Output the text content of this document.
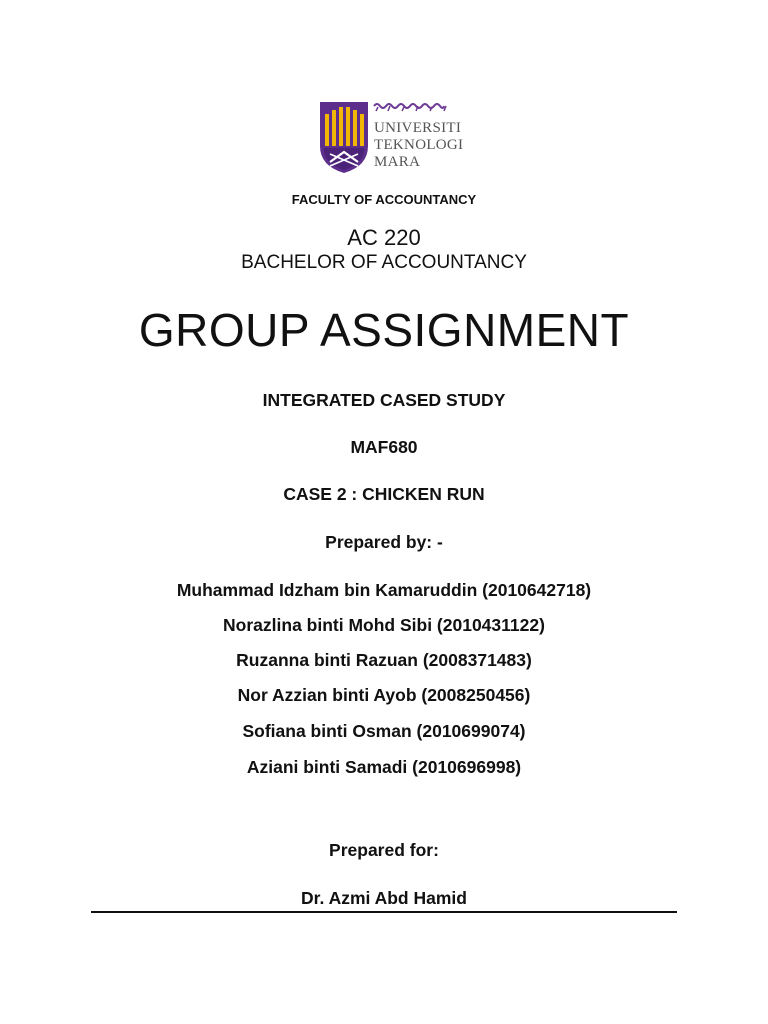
UNIVERSITI
TEKNOLOGI
MARA
FACULTY OF ACCOUNTANCY
AC 220
BACHELOR OF ACCOUNTANCY
GROUP ASSIGNMENT
INTEGRATED CASED STUDY
MAF680
CASE 2 : CHICKEN RUN
Prepared by: -
Muhammad Idzham bin Kamaruddin (2010642718)
Norazlina binti Mohd Sibi (2010431122)
Ruzanna binti Razuan (2008371483)
Nor Azzian binti Ayob (2008250456)
Sofiana binti Osman (2010699074)
Aziani binti Samadi (2010696998)
Prepared for:
Dr. Azmi Abd Hamid
